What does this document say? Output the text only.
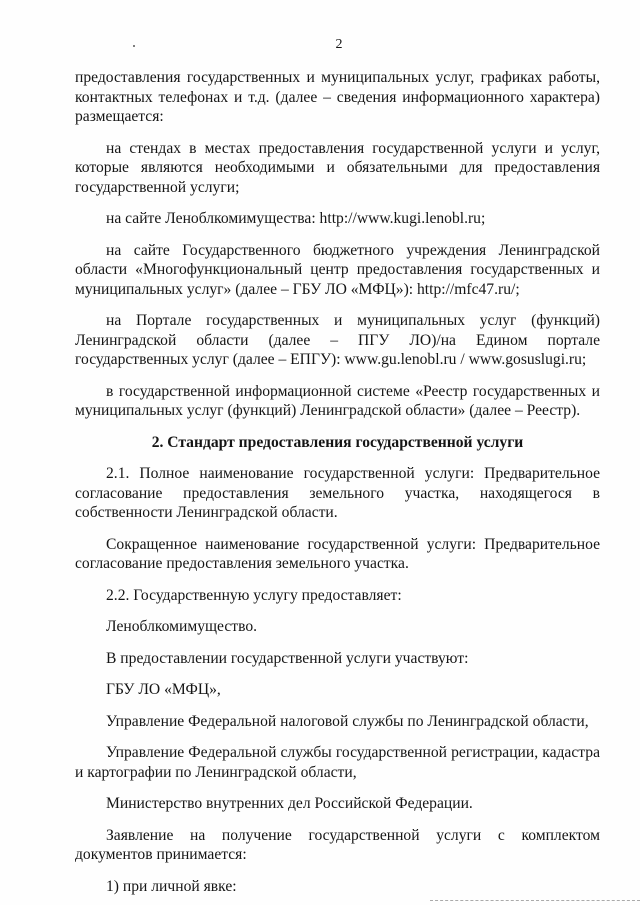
2

предоставления государственных и муниципальных услуг, графиках работы, контактных телефонах и т.д. (далее – сведения информационного характера) размещается:

на стендах в местах предоставления государственной услуги и услуг, которые являются необходимыми и обязательными для предоставления государственной услуги;

на сайте Леноблкомимущества: http://www.kugi.lenobl.ru;

на сайте Государственного бюджетного учреждения Ленинградской области «Многофункциональный центр предоставления государственных и муниципальных услуг» (далее – ГБУ ЛО «МФЦ»): http://mfc47.ru/;

на Портале государственных и муниципальных услуг (функций) Ленинградской области (далее – ПГУ ЛО)/на Едином портале государственных услуг (далее – ЕПГУ): www.gu.lenobl.ru / www.gosuslugi.ru;

в государственной информационной системе «Реестр государственных и муниципальных услуг (функций) Ленинградской области» (далее – Реестр).

2. Стандарт предоставления государственной услуги

2.1. Полное наименование государственной услуги: Предварительное согласование предоставления земельного участка, находящегося в собственности Ленинградской области.

Сокращенное наименование государственной услуги: Предварительное согласование предоставления земельного участка.

2.2. Государственную услугу предоставляет:

Леноблкомимущество.

В предоставлении государственной услуги участвуют:

ГБУ ЛО «МФЦ»,

Управление Федеральной налоговой службы по Ленинградской области,

Управление Федеральной службы государственной регистрации, кадастра и картографии по Ленинградской области,

Министерство внутренних дел Российской Федерации.

Заявление на получение государственной услуги с комплектом документов принимается:

1) при личной явке:
